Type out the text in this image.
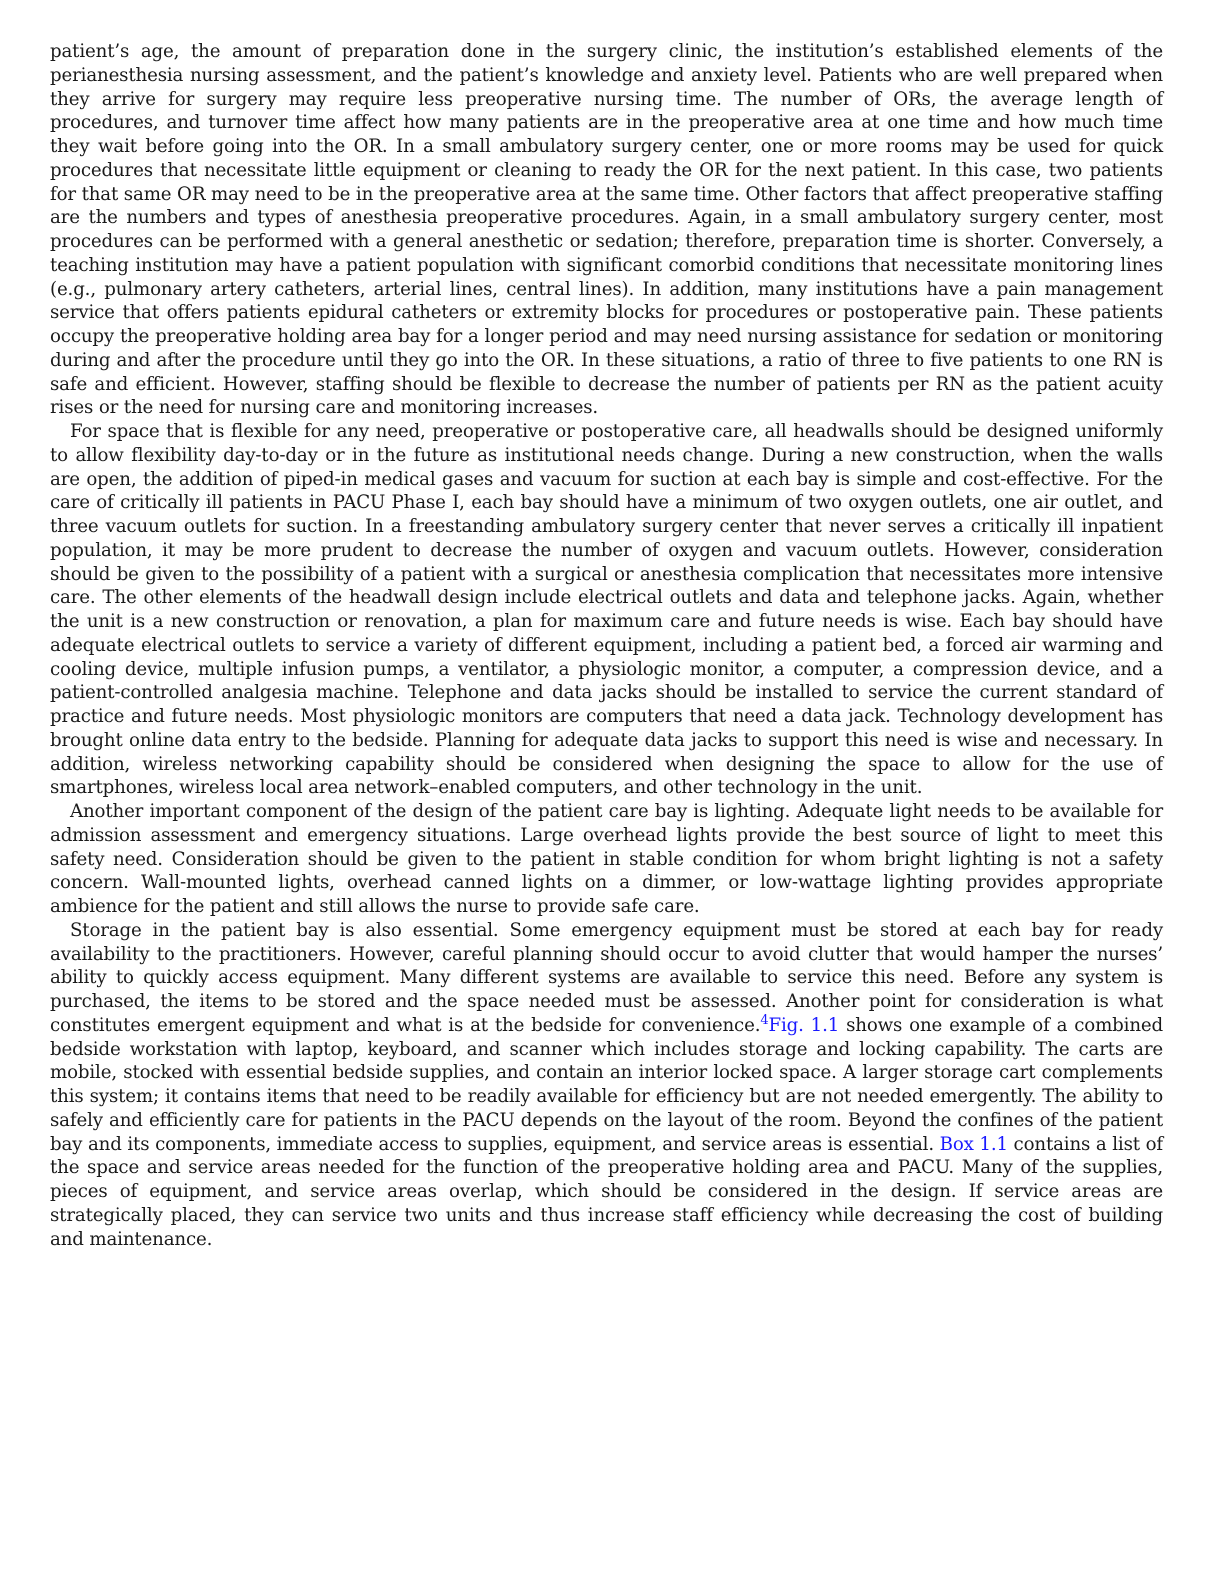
patient’s age, the amount of preparation done in the surgery clinic, the institution’s established elements of the perianesthesia nursing assessment, and the patient’s knowledge and anxiety level. Patients who are well prepared when they arrive for surgery may require less preoperative nursing time. The number of ORs, the average length of procedures, and turnover time affect how many patients are in the preoperative area at one time and how much time they wait before going into the OR. In a small ambulatory surgery center, one or more rooms may be used for quick procedures that necessitate little equipment or cleaning to ready the OR for the next patient. In this case, two patients for that same OR may need to be in the preoperative area at the same time. Other factors that affect preoperative staffing are the numbers and types of anesthesia preoperative procedures. Again, in a small ambulatory surgery center, most procedures can be performed with a general anesthetic or sedation; therefore, preparation time is shorter. Conversely, a teaching institution may have a patient population with significant comorbid conditions that necessitate monitoring lines (e.g., pulmonary artery catheters, arterial lines, central lines). In addition, many institutions have a pain management service that offers patients epidural catheters or extremity blocks for procedures or postoperative pain. These patients occupy the preoperative holding area bay for a longer period and may need nursing assistance for sedation or monitoring during and after the procedure until they go into the OR. In these situations, a ratio of three to five patients to one RN is safe and efficient. However, staffing should be flexible to decrease the number of patients per RN as the patient acuity rises or the need for nursing care and monitoring increases.

For space that is flexible for any need, preoperative or postoperative care, all headwalls should be designed uniformly to allow flexibility day-to-day or in the future as institutional needs change. During a new construction, when the walls are open, the addition of piped-in medical gases and vacuum for suction at each bay is simple and cost-effective. For the care of critically ill patients in PACU Phase I, each bay should have a minimum of two oxygen outlets, one air outlet, and three vacuum outlets for suction. In a freestanding ambulatory surgery center that never serves a critically ill inpatient population, it may be more prudent to decrease the number of oxygen and vacuum outlets. However, consideration should be given to the possibility of a patient with a surgical or anesthesia complication that necessitates more intensive care. The other elements of the headwall design include electrical outlets and data and telephone jacks. Again, whether the unit is a new construction or renovation, a plan for maximum care and future needs is wise. Each bay should have adequate electrical outlets to service a variety of different equipment, including a patient bed, a forced air warming and cooling device, multiple infusion pumps, a ventilator, a physiologic monitor, a computer, a compression device, and a patient-controlled analgesia machine. Telephone and data jacks should be installed to service the current standard of practice and future needs. Most physiologic monitors are computers that need a data jack. Technology development has brought online data entry to the bedside. Planning for adequate data jacks to support this need is wise and necessary. In addition, wireless networking capability should be considered when designing the space to allow for the use of smartphones, wireless local area network–enabled computers, and other technology in the unit.

Another important component of the design of the patient care bay is lighting. Adequate light needs to be available for admission assessment and emergency situations. Large overhead lights provide the best source of light to meet this safety need. Consideration should be given to the patient in stable condition for whom bright lighting is not a safety concern. Wall-mounted lights, overhead canned lights on a dimmer, or low-wattage lighting provides appropriate ambience for the patient and still allows the nurse to provide safe care.

Storage in the patient bay is also essential. Some emergency equipment must be stored at each bay for ready availability to the practitioners. However, careful planning should occur to avoid clutter that would hamper the nurses’ ability to quickly access equipment. Many different systems are available to service this need. Before any system is purchased, the items to be stored and the space needed must be assessed. Another point for consideration is what constitutes emergent equipment and what is at the bedside for convenience.$^4$Fig. 1.1 shows one example of a combined bedside workstation with laptop, keyboard, and scanner which includes storage and locking capability. The carts are mobile, stocked with essential bedside supplies, and contain an interior locked space. A larger storage cart complements this system; it contains items that need to be readily available for efficiency but are not needed emergently. The ability to safely and efficiently care for patients in the PACU depends on the layout of the room. Beyond the confines of the patient bay and its components, immediate access to supplies, equipment, and service areas is essential. Box 1.1 contains a list of the space and service areas needed for the function of the preoperative holding area and PACU. Many of the supplies, pieces of equipment, and service areas overlap, which should be considered in the design. If service areas are strategically placed, they can service two units and thus increase staff efficiency while decreasing the cost of building and maintenance.
